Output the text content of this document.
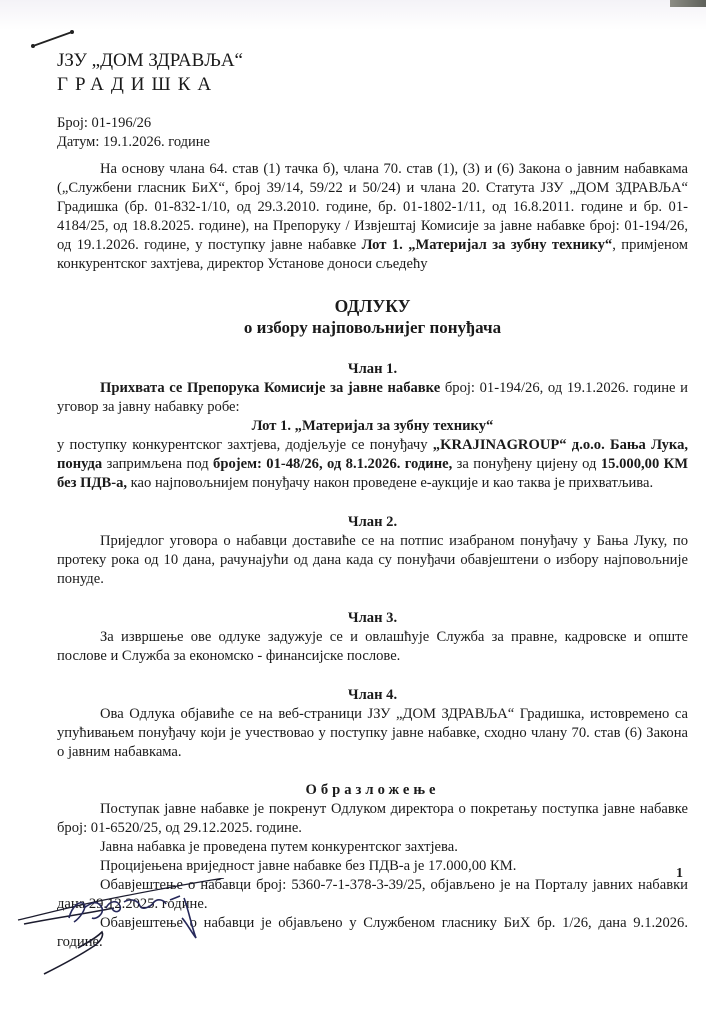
ЈЗУ „ДОМ ЗДРАВЉА“
ГРАДИШКА
Број: 01-196/26
Датум: 19.1.2026. године

На основу члана 64. став (1) тачка б), члана 70. став (1), (3) и (6) Закона о јавним набавкама („Службени гласник БиХ“, број 39/14, 59/22 и 50/24) и члана 20. Статута ЈЗУ „ДОМ ЗДРАВЉА“ Градишка (бр. 01-832-1/10, од 29.3.2010. године, бр. 01-1802-1/11, од 16.8.2011. године и бр. 01-4184/25, од 18.8.2025. године), на Препоруку / Извјештај Комисије за јавне набавке број: 01-194/26, од 19.1.2026. године, у поступку јавне набавке Лот 1. „Материјал за зубну технику“, примјеном конкурентског захтјева, директор Установе доноси сљедећу

ОДЛУКУ
о избору најповољнијег понуђача
Члан 1.

Прихвата се Препорука Комисије за јавне набавке број: 01-194/26, од 19.1.2026. године и уговор за јавну набавку робе:

Лот 1. „Материјал за зубну технику“

у поступку конкурентског захтјева, додјељује се понуђачу „KRAJINAGROUP“ д.о.о. Бања Лука, понуда запримљена под бројем: 01-48/26, од 8.1.2026. године, за понуђену цијену од 15.000,00 КМ без ПДВ-а, као најповољнијем понуђачу након проведене е-аукције и као таква је прихватљива.

Члан 2.

Приједлог уговора о набавци доставиће се на потпис изабраном понуђачу у Бања Луку, по протеку рока од 10 дана, рачунајући од дана када су понуђачи обавјештени о избору најповољније понуде.

Члан 3.

За извршење ове одлуке задужује се и овлашћује Служба за правне, кадровске и опште послове и Служба за економско - финансијске послове.

Члан 4.

Ова Одлука објавиће се на веб-страници ЈЗУ „ДОМ ЗДРАВЉА“ Градишка, истовремено са упућивањем понуђачу који је учествовао у поступку јавне набавке, сходно члану 70. став (6) Закона о јавним набавкама.

Образложење

Поступак јавне набавке је покренут Одлуком директора о покретању поступка јавне набавке број: 01-6520/25, од 29.12.2025. године.

Јавна набавка је проведена путем конкурентског захтјева.

Процијењена вриједност јавне набавке без ПДВ-а је 17.000,00 КМ.

Обавјештење о набавци број: 5360-7-1-378-3-39/25, објављено је на Порталу јавних набавки дана 29.12.2025. године.

Обавјештење о набавци је објављено у Службеном гласнику БиХ бр. 1/26, дана 9.1.2026. године.

1
